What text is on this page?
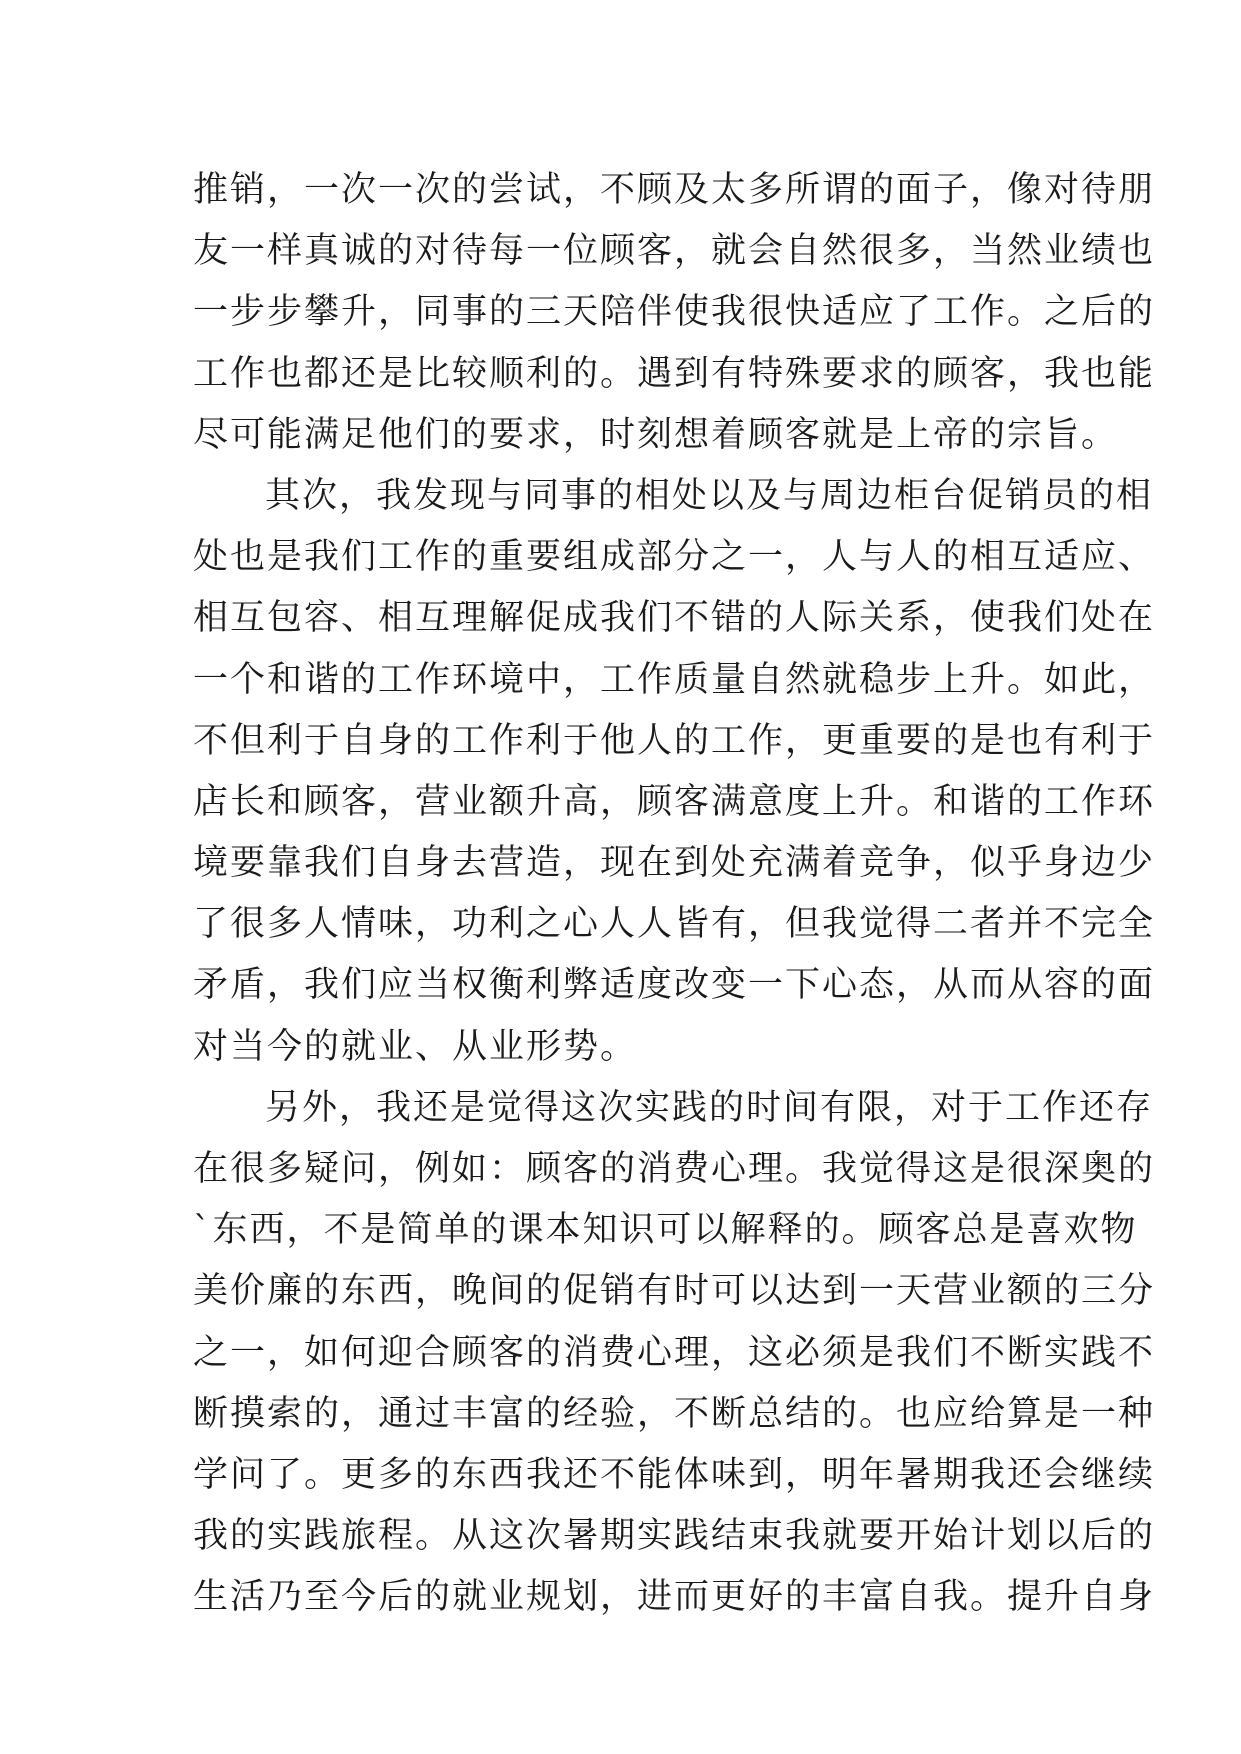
推销，一次一次的尝试，不顾及太多所谓的面子，像对待朋
友一样真诚的对待每一位顾客，就会自然很多，当然业绩也
一步步攀升，同事的三天陪伴使我很快适应了工作。之后的
工作也都还是比较顺利的。遇到有特殊要求的顾客，我也能
尽可能满足他们的要求，时刻想着顾客就是上帝的宗旨。
其次，我发现与同事的相处以及与周边柜台促销员的相
处也是我们工作的重要组成部分之一，人与人的相互适应、
相互包容、相互理解促成我们不错的人际关系，使我们处在
一个和谐的工作环境中，工作质量自然就稳步上升。如此，
不但利于自身的工作利于他人的工作，更重要的是也有利于
店长和顾客，营业额升高，顾客满意度上升。和谐的工作环
境要靠我们自身去营造，现在到处充满着竞争，似乎身边少
了很多人情味，功利之心人人皆有，但我觉得二者并不完全
矛盾，我们应当权衡利弊适度改变一下心态，从而从容的面
对当今的就业、从业形势。
另外，我还是觉得这次实践的时间有限，对于工作还存
在很多疑问，例如：顾客的消费心理。我觉得这是很深奥的
`东西，不是简单的课本知识可以解释的。顾客总是喜欢物
美价廉的东西，晚间的促销有时可以达到一天营业额的三分
之一，如何迎合顾客的消费心理，这必须是我们不断实践不
断摸索的，通过丰富的经验，不断总结的。也应给算是一种
学问了。更多的东西我还不能体味到，明年暑期我还会继续
我的实践旅程。从这次暑期实践结束我就要开始计划以后的
生活乃至今后的就业规划，进而更好的丰富自我。提升自身
